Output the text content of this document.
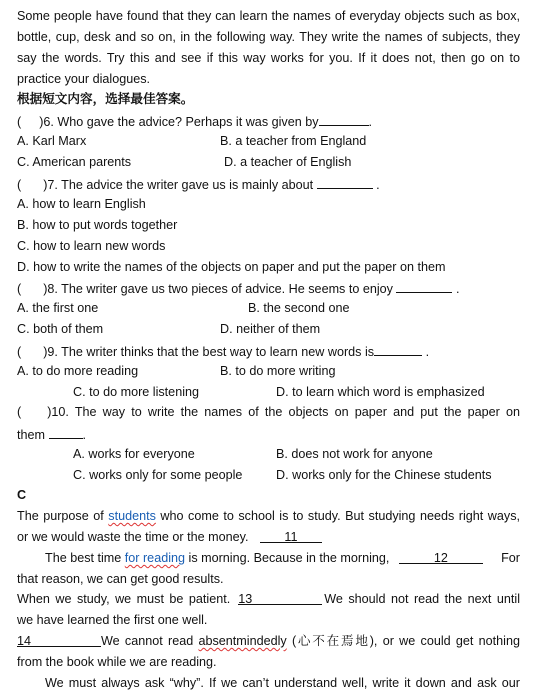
Some people have found that they can learn the names of everyday objects such as box,
bottle, cup, desk and so on, in the following way. They write the names of subjects, they
say the words. Try this and see if this way works for you. If it does not, then go on to
practice your dialogues.
根据短文内容，选择最佳答案。
( )6. Who gave the advice? Perhaps it was given by	.
A. Karl Marx	B. a teacher from England
C. American parents	D. a teacher of English
( )7. The advice the writer gave us is mainly about	.
A. how to learn English
B. how to put words together
C. how to learn new words
D. how to write the names of the objects on paper and put the paper on them
( )8. The writer gave us two pieces of advice. He seems to enjoy	.
A. the first one	B. the second one
C. both of them	D. neither of them
( )9. The writer thinks that the best way to learn new words is	.
A. to do more reading	B. to do more writing
C. to do more listening	D. to learn which word is emphasized
( )10. The way to write the names of the objects on paper and put the paper on
them	.
A. works for everyone	B. does not work for anyone
C. works only for some people	D. works only for the Chinese students
C
The purpose of students who come to school is to study. But studying needs right ways,
or we would waste the time or the money.	11
The best time for reading is morning. Because in the morning,	12	For
that reason, we can get good results.
When we study, we must be patient. 13	We should not read the next until
we have learned the first one well.
14	We cannot read absentmindedly (心不在焉地), or we could get nothing
from the book while we are reading.
We must always ask “why”. If we can’t understand well, write it down and ask our
